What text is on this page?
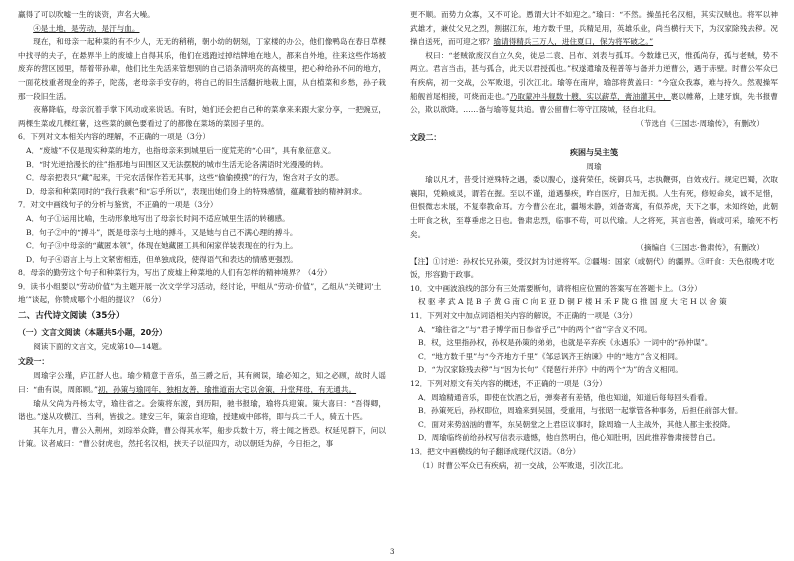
赢得了可以吹嘘一生的谈资，声名大噪。

④是土地，是劳动，是汗与血。

现在，和母亲一起种菜的有不少人，无无的稍稍，朝小幼的朝刻，丁家楼的办公，他们像鸭岛在春日草棵中找寻的夫子，在悬界半上的废墟上自得其乐，他们在逃跑过掉结牌地在地人，都来自外地，往来这些作场被废弃的营区园里，帮着带孙辈，他们比生先活来管想别的自己语条清明亮的高楼里，把心种给孙不问的地方，一面花枝重者现金的荞子，陀荡，老母亲手安存的，将自己的旧生活翻折地栽上面，从自植菜和乡愁，孙子栽那一段旧生活。

夜幕降临，母亲沉着手掌下风动或来说话。有时，她们还会把自己种的菜拿来来跟大家分享，一把豌豆，两棵生菜或几棵红薯，这些菜的颜色要看过了的都像在菜场的菜园子里的。

6．下列对文本相关内容的理解，不正确的一项是（3分）

A．“废墟”不仅是现实种菜的地方，也指母亲来到城里后一度荒芜的“心田”，具有象征意义。

B．“时光逆拾漫长的往”指那地与田围区又无法摆脱的城市生活无论各满语时光漫漫的转。

C．母亲把表只“藏”起来，干完农活保作若无其事，这些“偷偷摸摸”的行为，饱含对子女的恶。

D．母亲和种菜同时的“我行我素”和“忘乎所以”，表现出她们身上的特殊感情，蕴藏着独的精神洞求。

7．对文中画线句子的分析与鉴赏，不正确的一项是（3分）

A．句子①运用比喻，生动形象地写出了母亲长时间不适应城里生活的转穗感。

B．句子②中的“搏斗”，既是母亲与土地的搏斗，又是她与自己不满心理的搏斗。

C．句子③中母亲的“藏匿本领”，体现在她藏匿工具和闲家佯装表现在的行为上。

D．句子④语言上与上文紧密相连，但单独成段，使得语气和表达的情感更强烈。

8．母亲的勤劳这个句子和种菜行为，写出了废墟上种菜地的人们有怎样的精神境界？（4分）

9．读书小组要以“劳动价值”为主题开展一次文学学习活动，经讨论，甲组从“劳动·价值”，乙组从“关键词‘土地’”谈起，你赞成哪个小组的提议？（6分）

二、古代诗文阅读（35分）

（一）文言文阅读（本题共5小题，20分）

阅读下面的文言文，完成第10—14题。

文段一：

周瑜字公瑾，庐江舒人也。瑜少精意于音乐，虽三爵之后，其有阙误，瑜必知之，知之必顾，故时人谣曰：“曲有误，周郎顾。”初，孙策与瑜同年，独相友善，瑜推道南大宅以舍策，升堂拜母，有无通共。

瑜从父尚为丹杨太守，瑜往省之。会策将东渡，到历阳，驰书报瑜，瑜将兵迎策。策大喜曰：“吾得卿，谐也。”遂从攻横江、当利，皆拔之。建安三年，策亲自迎瑜，授建威中郎将，即与兵二千人，骑五十匹。

其年九月，曹公入荆州，刘琮举众降，曹公得其水军，船步兵数十万，将士闻之皆恐。权延见群下，问以计策。议者咸曰：“曹公豺虎也，然托名汉相，挟天子以征四方，动以朝廷为辞，今日拒之，事

更不顺。而势力众寡，又不可论。愚谓大计不如迎之。”瑜曰：“不然。操虽托名汉相，其实汉贼也。将军以神武雄才，兼仗父兄之烈，割据江东，地方数千里，兵精足用，英雄乐业，尚当横行天下，为汉家除残去秽。况操自送死，而可迎之邪？瑜请得精兵三万人，进住夏口，保为将军破之。”

权曰：“老贼欲废汉自立久矣，徒忌二袁、吕布、刘表与孤耳。今数雄已灭，惟孤尚存，孤与老贼，势不两立。君言当击，甚与孤合，此天以君授孤也。”权遂遣瑜及程普等与备并力逆曹公，遇于赤壁。时曹公军众已有疾病，初一交战，公军败退，引次江北。瑜等在南岸，瑜部将黄盖曰：“今寇众我寡，难与持久。然观操军船舰首尾相接，可烧而走也。”乃取蒙冲斗舰数十艘，实以薪草，膏油灌其中，裹以帷幕，上建牙旗，先书报曹公，欺以欲降。……备与瑜等复共追。曹公留曹仁等守江陵城，径自北归。

（节选自《三国志·周瑜传》，有删改）

文段二：

疾困与吴主笺

周瑜

瑜以凡才，昔受讨逆殊特之遇，委以腹心，遂荷荣任，统御兵马，志执鞭弭，自效戎行。规定巴蜀，次取襄阳，凭赖威灵，谓若在握。至以不谨，道遇暴疾，昨自医疗，日加无损。人生有死，修短命矣，诚不足惜，但恨微志未展，不复奉教命耳。方今曹公在北，疆埸未静，刘备寄寓，有似养虎，天下之事，未知终始，此朝士旰食之秋，至尊垂虑之日也。鲁肃忠烈，临事不苟，可以代瑜。人之将死，其言也善，倘或可采，瑜死不朽矣。

（摘编自《三国志·鲁肃传》，有删改）

【注】①讨逆：孙权长兄孙策，受汉封为讨逆将军。②疆埸：国家（或朝代）的疆界。③旰食：天色很晚才吃饭，形容勤于政事。

10．文中画波浪线的部分有三处需要断句，请将相应位置的答案写在答题卡上。（3分）

权 驱 孝 武 A 昆 B 子 黄 G 南 C 向 E 亚 D 铜 F 楼 H 禾 F 陇 G 推 国 度 大 宅 H 以 舍 策

11．下列对文中加点词语相关内容的解说，不正确的一项是（3分）

A．“瑜往省之”与“君子博学而日参省乎己”中的两个“省”字含义不同。

B．权，这里指孙权，孙权是孙策的弟弟，也就是辛弃疾《永遇乐》一词中的“孙仲谋”。

C．“地方数千里”与“今齐地方千里”《邹忌讽齐王纳谏》中的“地方”含义相同。

D．“为汉家除残去秽”与“因为长句”《琵琶行并序》中的两个“为”的含义相同。

12．下列对原文有关内容的概述，不正确的一项是（3分）

A．周瑜精通音乐，即使在饮酒之后，弹奏者有差错，他也知道，知道后每每回头看看。

B．孙策死后，孙权即位，周瑜来到吴国，受重用，与张昭一起掌管各种事务，后担任前部大督。

C．面对来势汹汹的曹军，东吴朝堂之上君臣议事时，除周瑜一人主战外，其他人都主张投降。

D．周瑜临终前给孙权写信表示遗憾，他自然明白，他心知肚明，因此推荐鲁肃接替自己。

13．把文中画横线的句子翻译成现代汉语。（8分）

（1）时曹公军众已有疾病，初一交战，公军败退，引次江北。

3
